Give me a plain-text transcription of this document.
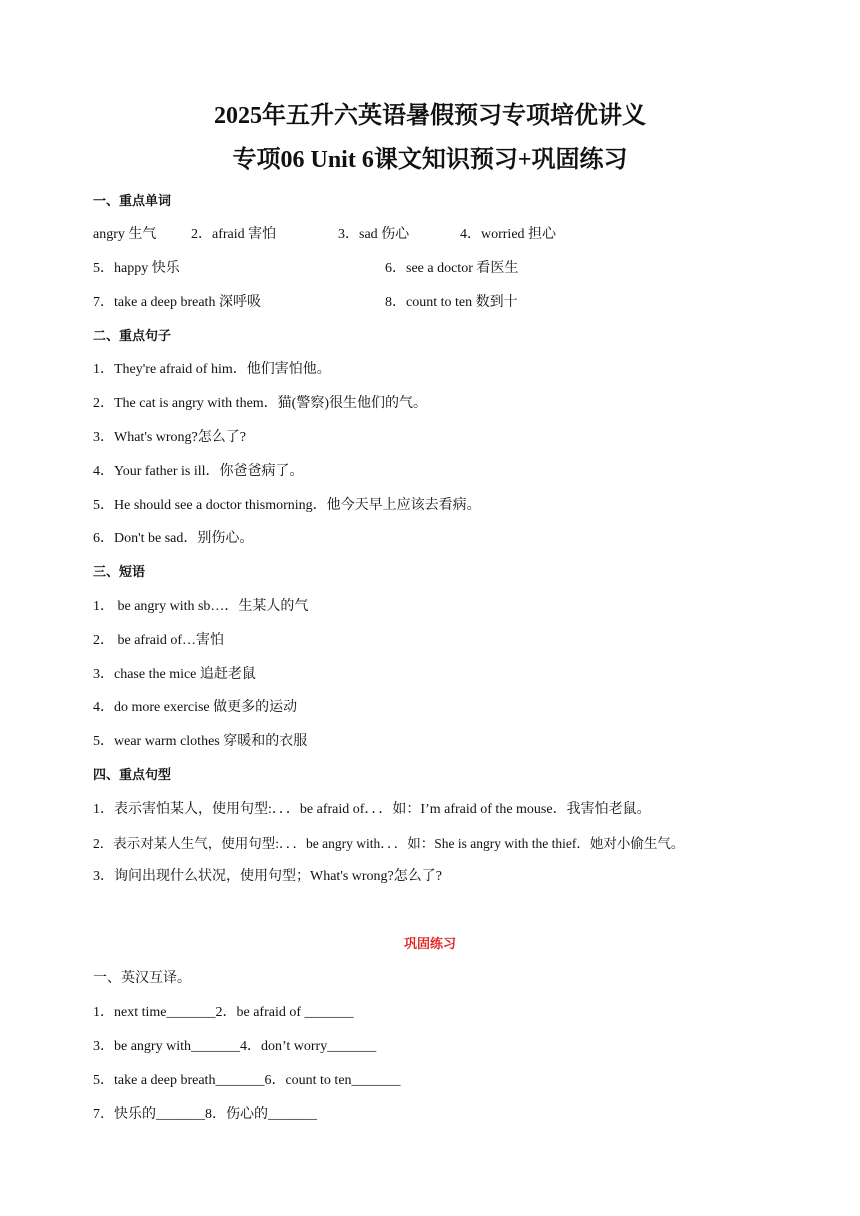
2025年五升六英语暑假预习专项培优讲义
专项06 Unit 6课文知识预习+巩固练习
一、重点单词
angry 生气 2．afraid 害怕	3．sad 伤心	4．worried 担心
5．happy 快乐	6．see a doctor 看医生
7．take a deep breath 深呼吸	8．count to ten 数到十
二、重点句子
1．They're afraid of him．他们害怕他。
2．The cat is angry with them．猫(警察)很生他们的气。
3．What's wrong?怎么了?
4．Your father is ill．你爸爸病了。
5．He should see a doctor thismorning．他今天早上应该去看病。
6．Don't be sad．别伤心。
三、短语
1． be angry with sb…．生某人的气
2． be afraid of…害怕
3．chase the mice 追赶老鼠
4．do more exercise 做更多的运动
5．wear warm clothes 穿暖和的衣服
四、重点句型
1．表示害怕某人，使用句型:．．．be afraid of．．．如：I’m afraid of the mouse．我害怕老鼠。
2．表示对某人生气，使用句型:．．．be angry with．．．如：She is angry with the thief．她对小偷生气。
3．询问出现什么状况，使用句型；What's wrong?怎么了?
巩固练习
一、英汉互译。
1．next time_______2．be afraid of _______
3．be angry with_______4．don’t worry_______
5．take a deep breath_______6．count to ten_______
7．快乐的_______8．伤心的_______
